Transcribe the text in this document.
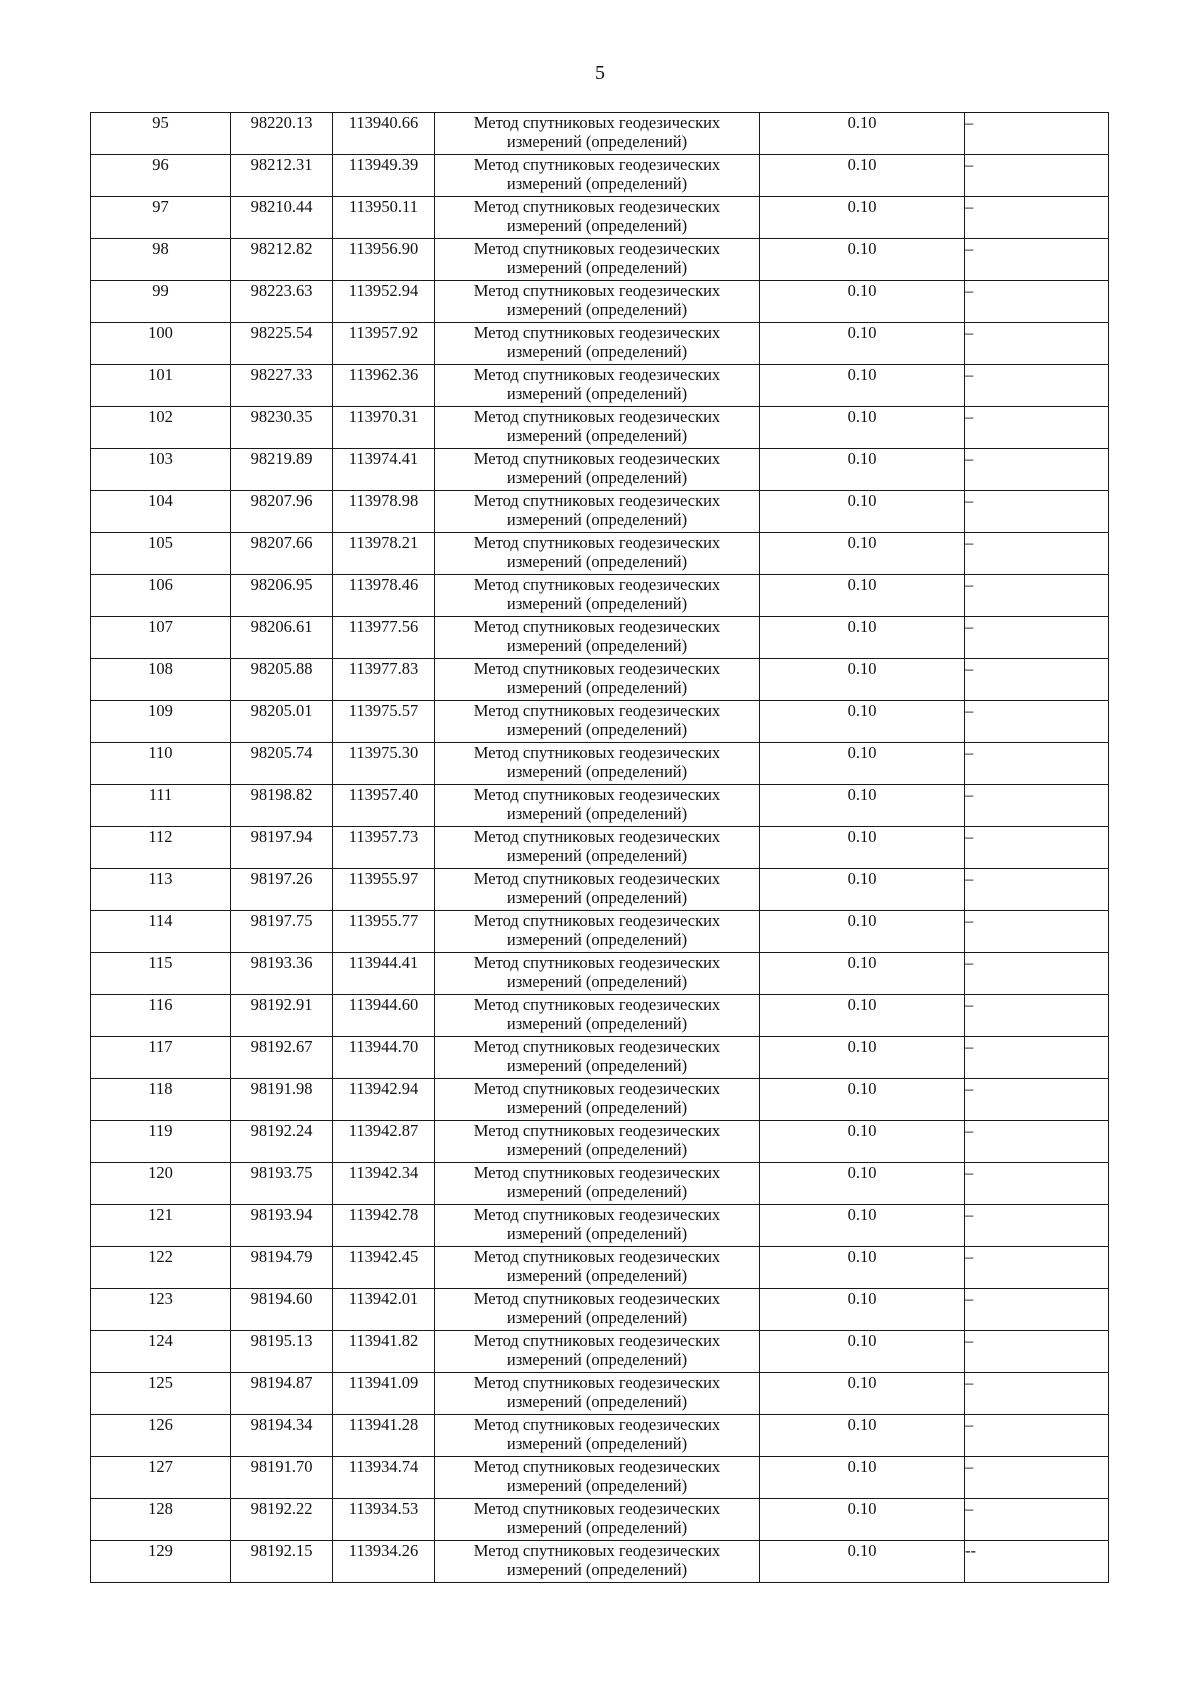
5
95	98220.13	113940.66	Метод спутниковых геодезических
измерений (определений)	0.10	–
96	98212.31	113949.39	Метод спутниковых геодезических
измерений (определений)	0.10	–
97	98210.44	113950.11	Метод спутниковых геодезических
измерений (определений)	0.10	–
98	98212.82	113956.90	Метод спутниковых геодезических
измерений (определений)	0.10	–
99	98223.63	113952.94	Метод спутниковых геодезических
измерений (определений)	0.10	–
100	98225.54	113957.92	Метод спутниковых геодезических
измерений (определений)	0.10	–
101	98227.33	113962.36	Метод спутниковых геодезических
измерений (определений)	0.10	–
102	98230.35	113970.31	Метод спутниковых геодезических
измерений (определений)	0.10	–
103	98219.89	113974.41	Метод спутниковых геодезических
измерений (определений)	0.10	–
104	98207.96	113978.98	Метод спутниковых геодезических
измерений (определений)	0.10	–
105	98207.66	113978.21	Метод спутниковых геодезических
измерений (определений)	0.10	–
106	98206.95	113978.46	Метод спутниковых геодезических
измерений (определений)	0.10	–
107	98206.61	113977.56	Метод спутниковых геодезических
измерений (определений)	0.10	–
108	98205.88	113977.83	Метод спутниковых геодезических
измерений (определений)	0.10	–
109	98205.01	113975.57	Метод спутниковых геодезических
измерений (определений)	0.10	–
110	98205.74	113975.30	Метод спутниковых геодезических
измерений (определений)	0.10	–
111	98198.82	113957.40	Метод спутниковых геодезических
измерений (определений)	0.10	–
112	98197.94	113957.73	Метод спутниковых геодезических
измерений (определений)	0.10	–
113	98197.26	113955.97	Метод спутниковых геодезических
измерений (определений)	0.10	–
114	98197.75	113955.77	Метод спутниковых геодезических
измерений (определений)	0.10	–
115	98193.36	113944.41	Метод спутниковых геодезических
измерений (определений)	0.10	–
116	98192.91	113944.60	Метод спутниковых геодезических
измерений (определений)	0.10	–
117	98192.67	113944.70	Метод спутниковых геодезических
измерений (определений)	0.10	–
118	98191.98	113942.94	Метод спутниковых геодезических
измерений (определений)	0.10	–
119	98192.24	113942.87	Метод спутниковых геодезических
измерений (определений)	0.10	–
120	98193.75	113942.34	Метод спутниковых геодезических
измерений (определений)	0.10	–
121	98193.94	113942.78	Метод спутниковых геодезических
измерений (определений)	0.10	–
122	98194.79	113942.45	Метод спутниковых геодезических
измерений (определений)	0.10	–
123	98194.60	113942.01	Метод спутниковых геодезических
измерений (определений)	0.10	–
124	98195.13	113941.82	Метод спутниковых геодезических
измерений (определений)	0.10	–
125	98194.87	113941.09	Метод спутниковых геодезических
измерений (определений)	0.10	–
126	98194.34	113941.28	Метод спутниковых геодезических
измерений (определений)	0.10	–
127	98191.70	113934.74	Метод спутниковых геодезических
измерений (определений)	0.10	–
128	98192.22	113934.53	Метод спутниковых геодезических
измерений (определений)	0.10	–
129	98192.15	113934.26	Метод спутниковых геодезических
измерений (определений)	0.10	--
